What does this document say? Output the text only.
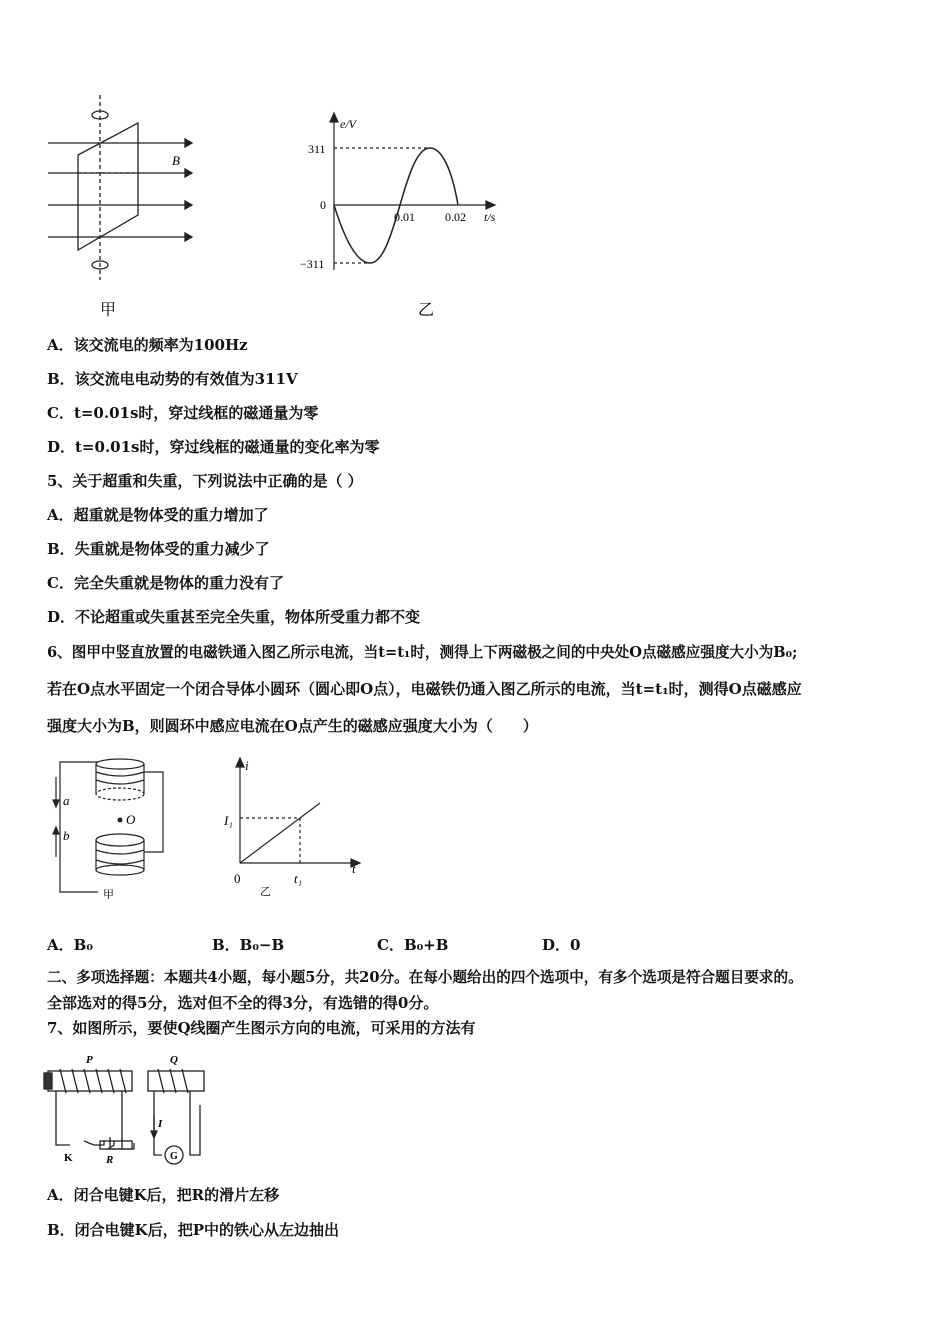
B
甲
e/V
311
0
−311
0.01	0.02 t/s
乙
A．该交流电的频率为100Hz
B．该交流电电动势的有效值为311V
C．t=0.01s时，穿过线框的磁通量为零
D．t=0.01s时，穿过线框的磁通量的变化率为零
5、关于超重和失重，下列说法中正确的是（ ）
A．超重就是物体受的重力增加了
B．失重就是物体受的重力减少了
C．完全失重就是物体的重力没有了
D．不论超重或失重甚至完全失重，物体所受重力都不变
6、图甲中竖直放置的电磁铁通入图乙所示电流，当t=t₁时，测得上下两磁极之间的中央处O点磁感应强度大小为B₀;
若在O点水平固定一个闭合导体小圆环（圆心即O点），电磁铁仍通入图乙所示的电流，当t=t₁时，测得O点磁感应
强度大小为B，则圆环中感应电流在O点产生的磁感应强度大小为（　　）
a
b
O
甲
i
I₁
0	t₁
t
乙
A．B₀	B．B₀−B	C．B₀+B	D．0
二、多项选择题：本题共4小题，每小题5分，共20分。在每小题给出的四个选项中，有多个选项是符合题目要求的。
全部选对的得5分，选对但不全的得3分，有选错的得0分。
7、如图所示，要使Q线圈产生图示方向的电流，可采用的方法有
P	Q
K	R
I
G
A．闭合电键K后，把R的滑片左移
B．闭合电键K后，把P中的铁心从左边抽出
